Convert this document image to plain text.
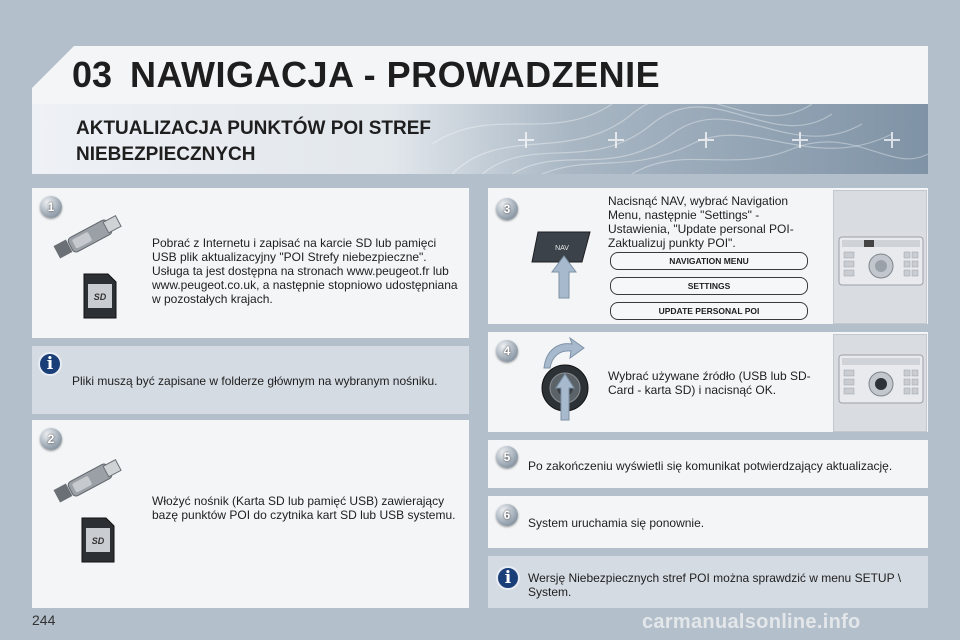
03 NAWIGACJA - PROWADZENIE
AKTUALIZACJA PUNKTÓW POI STREF
NIEBEZPIECZNYCH
1
SD
Pobrać z Internetu i zapisać na karcie SD lub pamięci USB plik aktualizacyjny "POI Strefy niebezpieczne". Usługa ta jest dostępna na stronach www.peugeot.fr lub www.peugeot.co.uk, a następnie stopniowo udostępniana w pozostałych krajach.
i
Pliki muszą być zapisane w folderze głównym na wybranym nośniku.
2
SD
Włożyć nośnik (Karta SD lub pamięć USB) zawierający bazę punktów POI do czytnika kart SD lub USB systemu.
3
NAV
Nacisnąć NAV, wybrać Navigation Menu, następnie "Settings" - Ustawienia, "Update personal POI-Zaktualizuj punkty POI".
NAVIGATION MENU
SETTINGS
UPDATE PERSONAL POI
4
Wybrać używane źródło (USB lub SD-Card - karta SD) i nacisnąć OK.
5
Po zakończeniu wyświetli się komunikat potwierdzający aktualizację.
6
System uruchamia się ponownie.
i	Wersję Niebezpiecznych stref POI można sprawdzić w menu SETUP \ System.
244	carmanualsonline.info
